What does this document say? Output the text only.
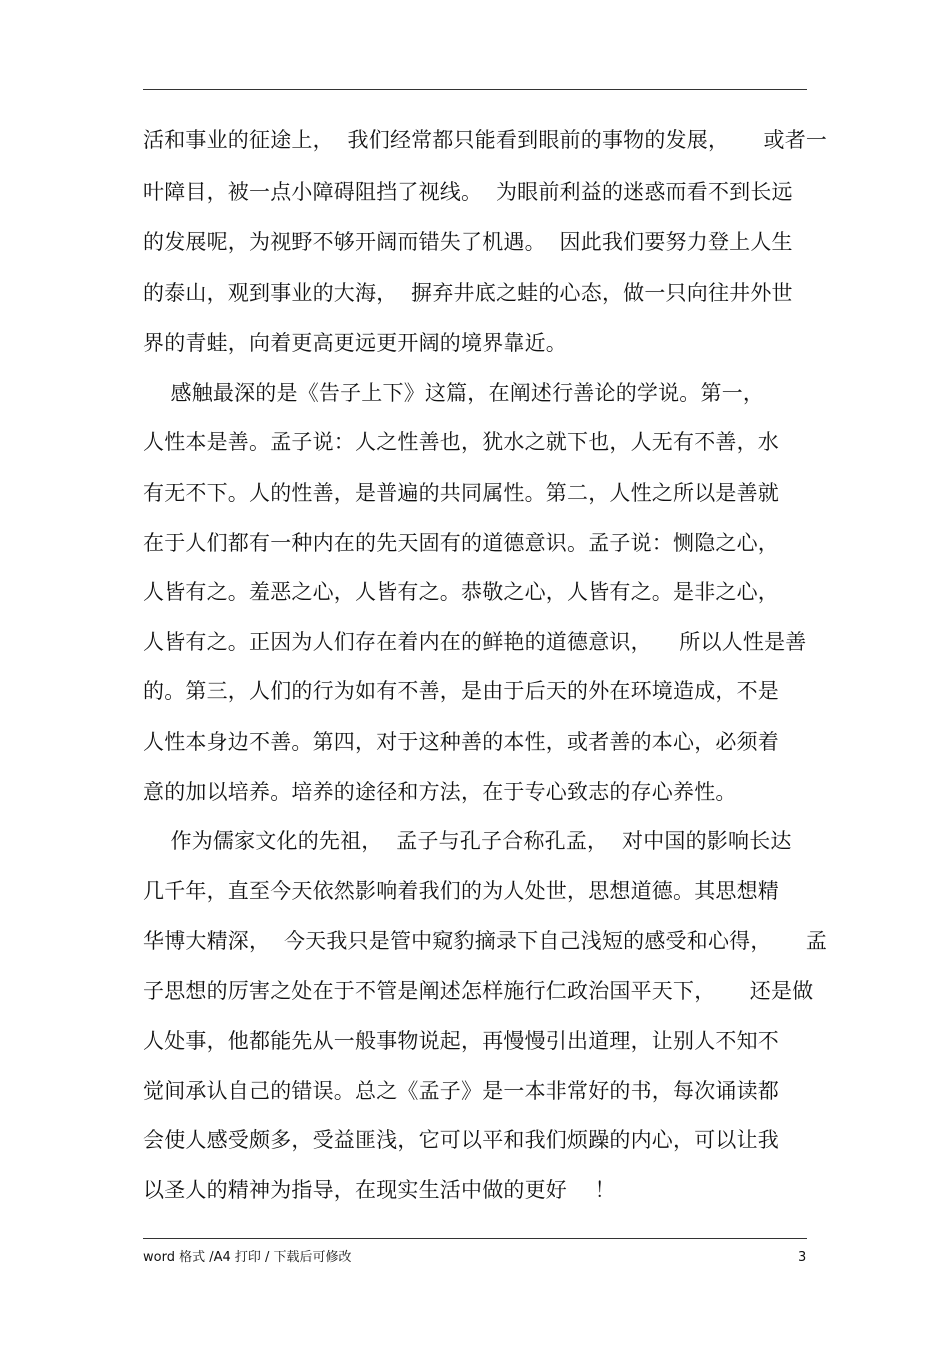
活和事业的征途上，  我们经常都只能看到眼前的事物的发展，     或者一
叶障目，被一点小障碍阻挡了视线。  为眼前利益的迷惑而看不到长远
的发展呢，为视野不够开阔而错失了机遇。  因此我们要努力登上人生
的泰山，观到事业的大海，  摒弃井底之蛙的心态，做一只向往井外世
界的青蛙，向着更高更远更开阔的境界靠近。
感触最深的是《告子上下》这篇，在阐述行善论的学说。第一，
人性本是善。孟子说：人之性善也，犹水之就下也，人无有不善，水
有无不下。人的性善，是普遍的共同属性。第二，人性之所以是善就
在于人们都有一种内在的先天固有的道德意识。孟子说：恻隐之心，
人皆有之。羞恶之心，人皆有之。恭敬之心，人皆有之。是非之心，
人皆有之。正因为人们存在着内在的鲜艳的道德意识，    所以人性是善
的。第三，人们的行为如有不善，是由于后天的外在环境造成，不是
人性本身边不善。第四，对于这种善的本性，或者善的本心，必须着
意的加以培养。培养的途径和方法，在于专心致志的存心养性。
作为儒家文化的先祖，  孟子与孔子合称孔孟，  对中国的影响长达
几千年，直至今天依然影响着我们的为人处世，思想道德。其思想精
华博大精深，  今天我只是管中窥豹摘录下自己浅短的感受和心得，     孟
子思想的厉害之处在于不管是阐述怎样施行仁政治国平天下，     还是做
人处事，他都能先从一般事物说起，再慢慢引出道理，让别人不知不
觉间承认自己的错误。总之《孟子》是一本非常好的书，每次诵读都
会使人感受颇多，受益匪浅，它可以平和我们烦躁的内心，可以让我
以圣人的精神为指导，在现实生活中做的更好    ！
word 格式 /A4 打印 / 下载后可修改	3
